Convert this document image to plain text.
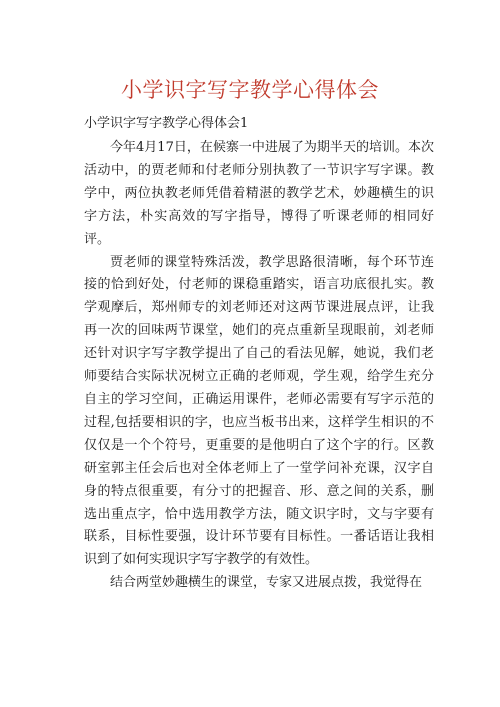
小学识字写字教学心得体会
小学识字写字教学心得体会1

今年4月17日，在候寨一中进展了为期半天的培训。本次活动中，的贾老师和付老师分别执教了一节识字写字课。教学中，两位执教老师凭借着精湛的教学艺术，妙趣横生的识字方法，朴实高效的写字指导，博得了听课老师的相同好评。

贾老师的课堂特殊活泼，教学思路很清晰，每个环节连接的恰到好处，付老师的课稳重踏实，语言功底很扎实。教学观摩后，郑州师专的刘老师还对这两节课进展点评，让我再一次的回味两节课堂，她们的亮点重新呈现眼前，刘老师还针对识字写字教学提出了自己的看法见解，她说，我们老师要结合实际状况树立正确的老师观，学生观，给学生充分自主的学习空间，正确运用课件，老师必需要有写字示范的过程,包括要相识的字，也应当板书出来，这样学生相识的不仅仅是一个个符号，更重要的是他明白了这个字的行。区教研室郭主任会后也对全体老师上了一堂学问补充课，汉字自身的特点很重要，有分寸的把握音、形、意之间的关系，删选出重点字，恰中选用教学方法，随文识字时，文与字要有联系，目标性要强，设计环节要有目标性。一番话语让我相识到了如何实现识字写字教学的有效性。

结合两堂妙趣横生的课堂，专家又进展点拨，我觉得在
